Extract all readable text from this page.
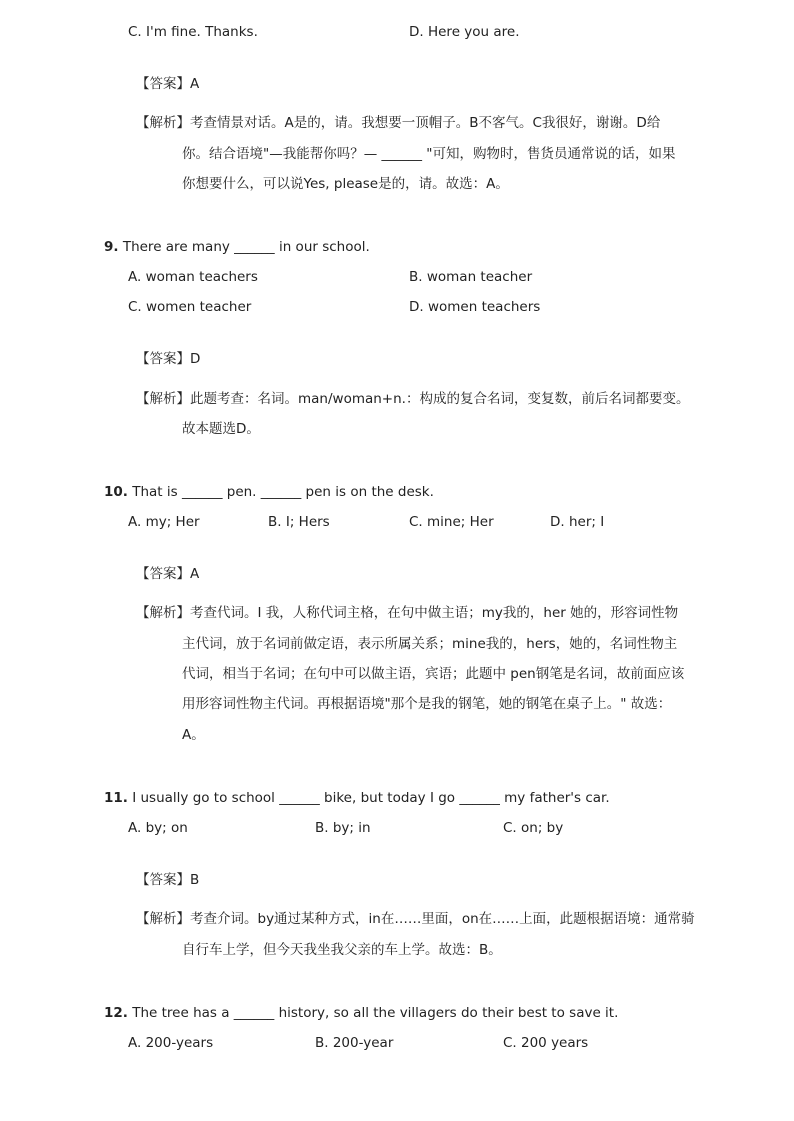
C. I'm fine. Thanks.	D. Here you are.
【答案】A
【解析】 考查情景对话。A是的，请。我想要一顶帽子。B不客气。C我很好，谢谢。D给
你。结合语境"—我能帮你吗？— ______ "可知，购物时，售货员通常说的话，如果
你想要什么，可以说Yes, please是的，请。故选：A。
9. There are many ______ in our school.
A. woman teachers	B. woman teacher
C. women teacher	D. women teachers
【答案】D
【解析】 此题考查：名词。man/woman+n.：构成的复合名词，变复数，前后名词都要变。
故本题选D。
10. That is ______ pen. ______ pen is on the desk.
A. my; Her	B. I; Hers	C. mine; Her	D. her; I
【答案】A
【解析】 考查代词。I 我，人称代词主格，在句中做主语；my我的，her 她的，形容词性物
主代词，放于名词前做定语，表示所属关系；mine我的，hers，她的，名词性物主
代词，相当于名词；在句中可以做主语，宾语；此题中 pen钢笔是名词，故前面应该
用形容词性物主代词。再根据语境"那个是我的钢笔，她的钢笔在桌子上。" 故选：
A。
11. I usually go to school ______ bike, but today I go ______ my father's car.
A. by; on	B. by; in	C. on; by
【答案】B
【解析】 考查介词。by通过某种方式，in在……里面，on在……上面，此题根据语境：通常骑
自行车上学，但今天我坐我父亲的车上学。故选：B。
12. The tree has a ______ history, so all the villagers do their best to save it.
A. 200-years	B. 200-year	C. 200 years
